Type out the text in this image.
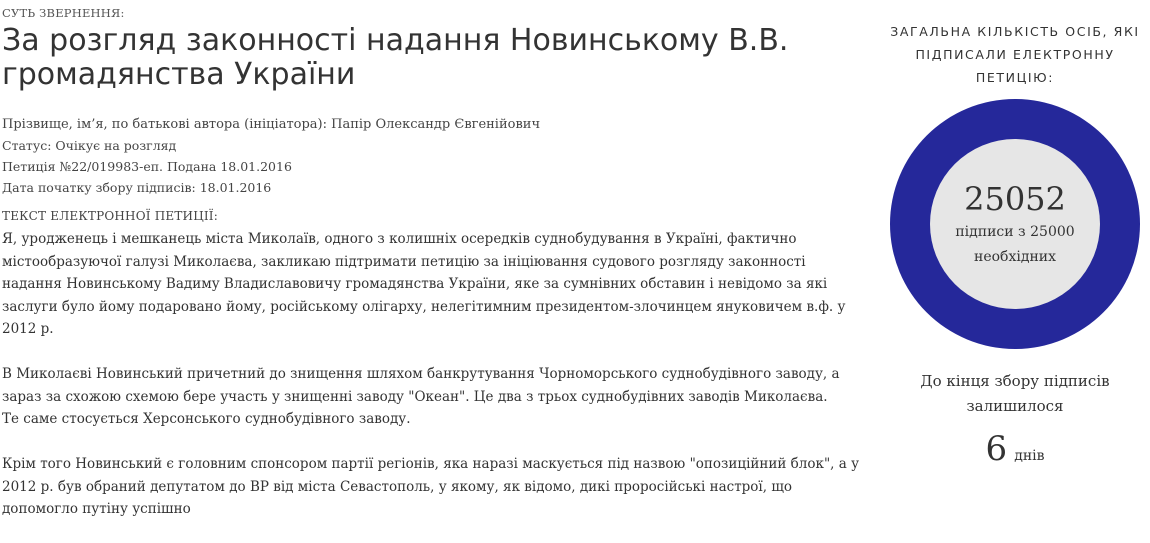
СУТЬ ЗВЕРНЕННЯ:
За розгляд законності надання Новинському В.В. громадянства України
Прізвище, ім’я, по батькові автора (ініціатора): Папір Олександр Євгенійович
Статус: Очікує на розгляд
Петиція №22/019983-еп. Подана 18.01.2016
Дата початку збору підписів: 18.01.2016
ТЕКСТ ЕЛЕКТРОННОЇ ПЕТИЦІЇ:

Я, уродженець і мешканець міста Миколаїв, одного з колишніх осередків суднобудування в Україні, фактично містообразуючої галузі Миколаєва, закликаю підтримати петицію за ініціювання судового розгляду законності надання Новинському Вадиму Владиславовичу громадянства України, яке за сумнівних обставин і невідомо за які заслуги було йому подаровано йому, російському олігарху, нелегітимним президентом-злочинцем януковичем в.ф. у 2012 р.

В Миколаєві Новинський причетний до знищення шляхом банкрутування Чорноморського суднобудівного заводу, а зараз за схожою схемою бере участь у знищенні заводу "Океан". Це два з трьох суднобудівних заводів Миколаєва.
Те саме стосується Херсонського суднобудівного заводу.

Крім того Новинський є головним спонсором партії регіонів, яка наразі маскується під назвою "опозиційний блок", а у 2012 р. був обраний депутатом до ВР від міста Севастополь, у якому, як відомо, дикі проросійські настрої, що допомогло путіну успішно

ЗАГАЛЬНА КІЛЬКІСТЬ ОСІБ, ЯКІ ПІДПИСАЛИ ЕЛЕКТРОННУ ПЕТИЦІЮ:
25052
підписи з 25000 необхідних
До кінця збору підписів залишилося
6 днів
